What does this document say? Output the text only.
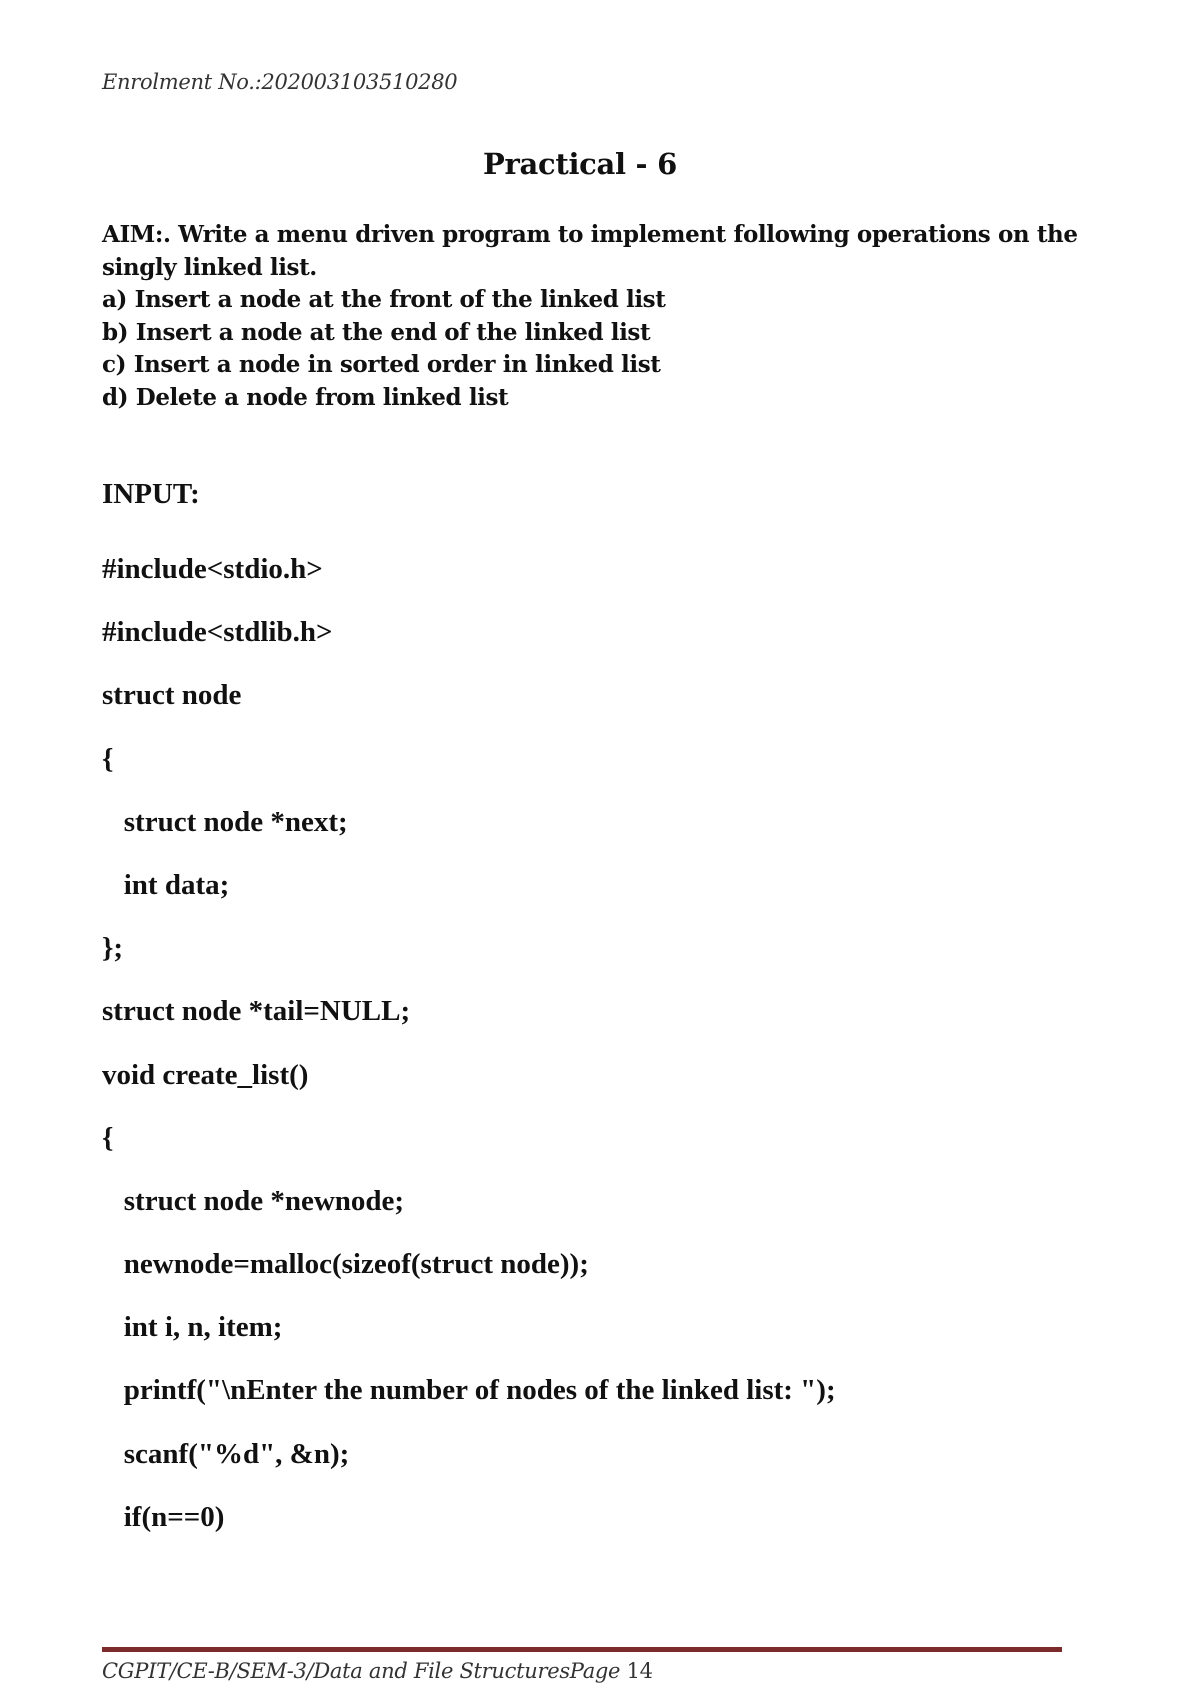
Enrolment No.:202003103510280
Practical - 6
AIM:. Write a menu driven program to implement following operations on the
singly linked list.
a) Insert a node at the front of the linked list
b) Insert a node at the end of the linked list
c) Insert a node in sorted order in linked list
d) Delete a node from linked list
INPUT:
#include<stdio.h>
#include<stdlib.h>
struct node
{
struct node *next;
int data;
};
struct node *tail=NULL;
void create_list()
{
struct node *newnode;
newnode=malloc(sizeof(struct node));
int i, n, item;
printf("\nEnter the number of nodes of the linked list: ");
scanf("%d", &n);
if(n==0)
CGPIT/CE-B/SEM-3/Data and File StructuresPage 14
